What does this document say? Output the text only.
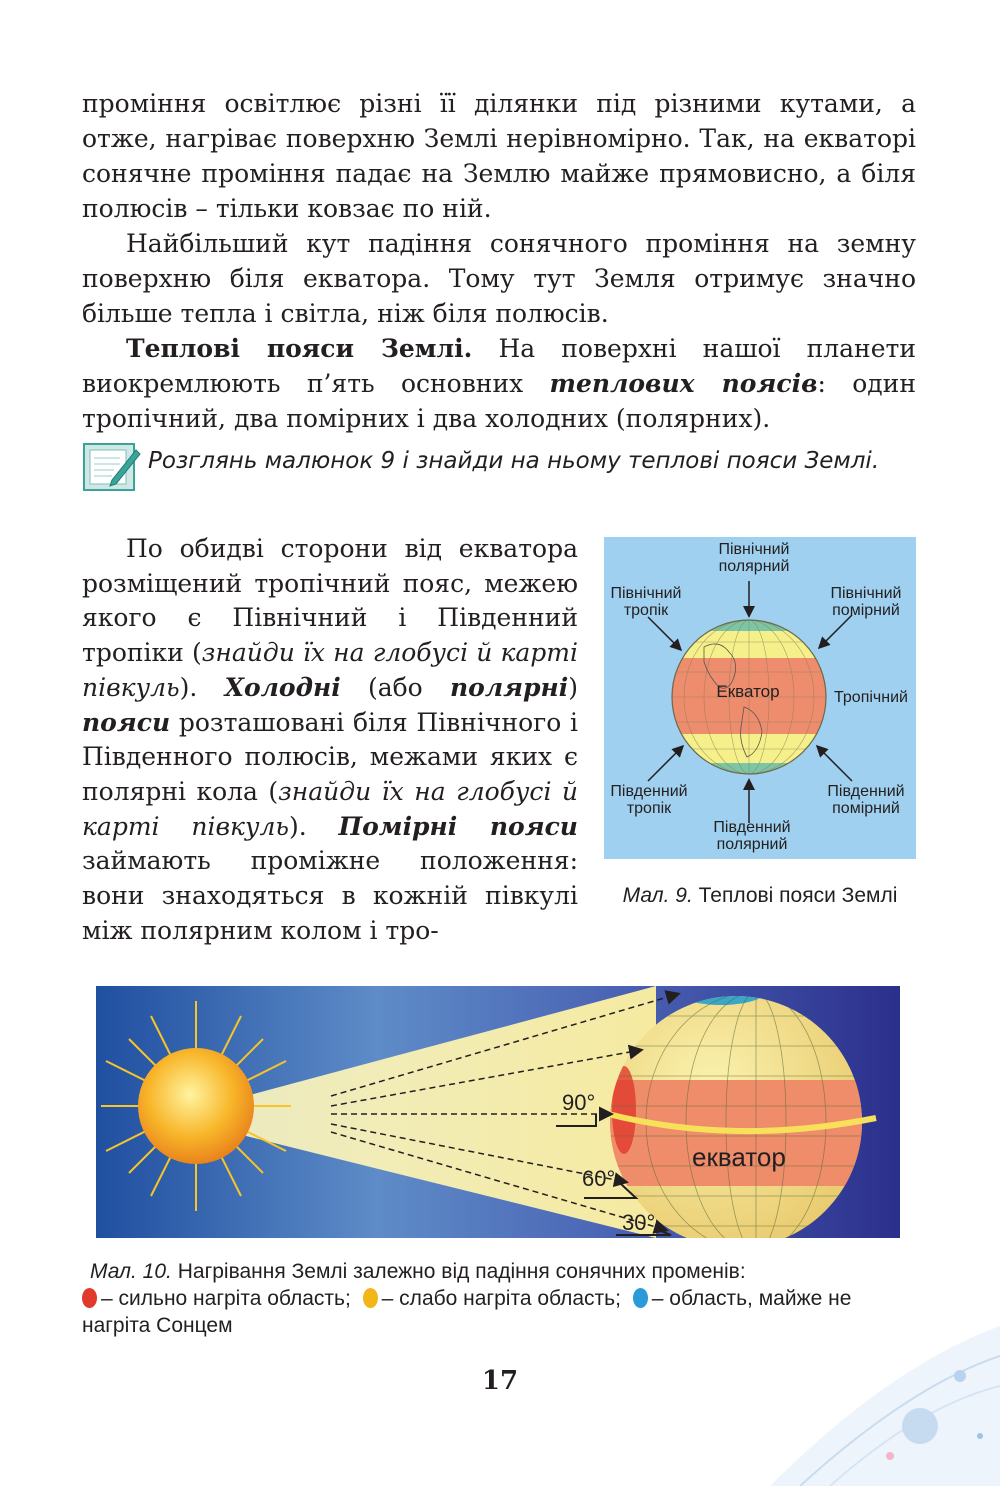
проміння освітлює різні її ділянки під різними кутами, а отже, нагріває поверхню Землі нерівномірно. Так, на екваторі сонячне проміння падає на Землю майже прямовисно, а біля полюсів – тільки ковзає по ній.

Найбільший кут падіння сонячного проміння на земну поверхню біля екватора. Тому тут Земля отримує значно більше тепла і світла, ніж біля полюсів.

Теплові пояси Землі. На поверхні нашої планети виокремлюють п’ять основних теплових поясів: один тропічний, два помірних і два холодних (полярних).

Розглянь малюнок 9 і знайди на ньому теплові пояси Землі.
По обидві сторони від екватора розміщений тропічний пояс, межею якого є Північний і Південний тропіки (знайди їх на глобусі й карті півкуль). Холодні (або полярні) пояси розташовані біля Північного і Південного полюсів, межами яких є полярні кола (знайди їх на глобусі й карті півкуль). Помірні пояси займають проміжне положення: вони знаходяться в кожній півкулі між полярним колом і тро-
Північний
полярний
Північний
тропік
Північний
помірний
Екватор	Тропічний
Південний
тропік
Південний
помірний
Південний
полярний
Мал. 9. Теплові пояси Землі
90°
60°
30°
екватор
Мал. 10. Нагрівання Землі залежно від падіння сонячних променів:
– сильно нагріта область; – слабо нагріта область; – область, майже не нагріта Сонцем
17
